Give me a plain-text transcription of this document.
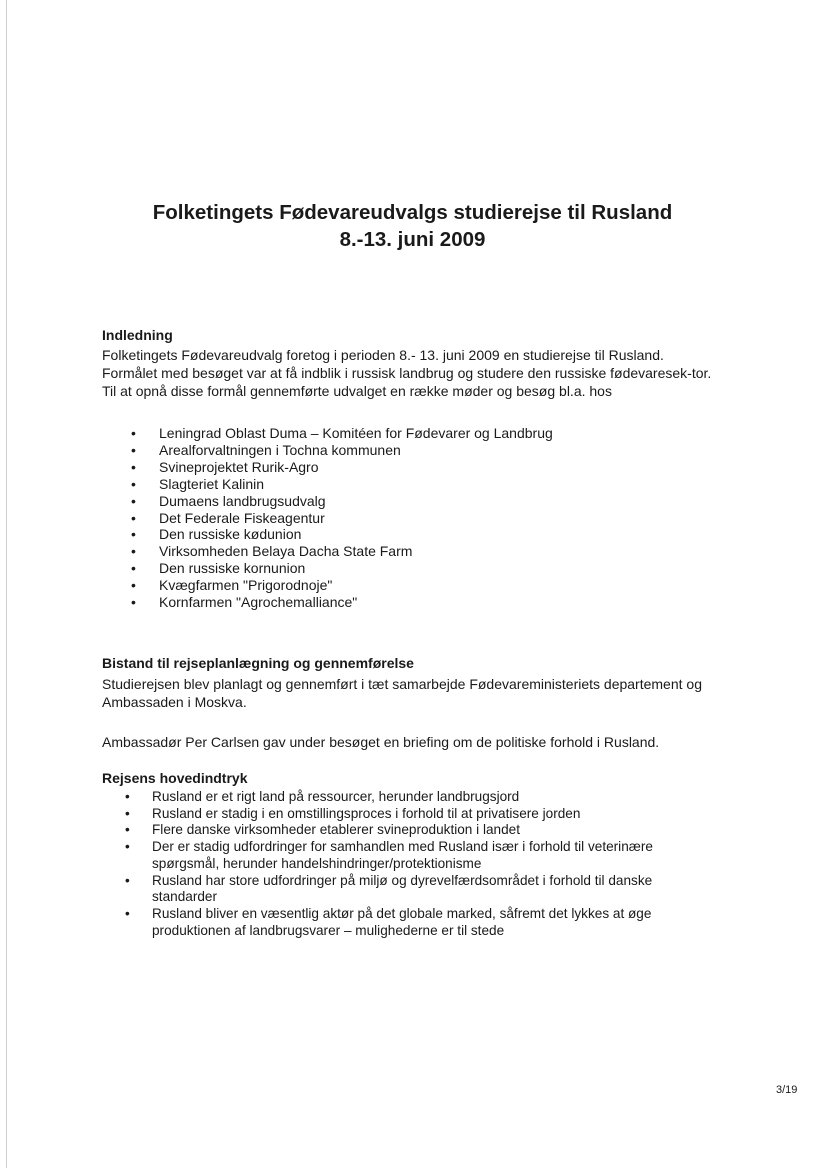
Folketingets Fødevareudvalgs studierejse til Rusland
8.-13. juni 2009
Indledning

Folketingets Fødevareudvalg foretog i perioden 8.- 13. juni 2009 en studierejse til Rusland. Formålet med besøget var at få indblik i russisk landbrug og studere den russiske fødevaresek-tor. Til at opnå disse formål gennemførte udvalget en række møder og besøg bl.a. hos

• Leningrad Oblast Duma – Komitéen for Fødevarer og Landbrug
• Arealforvaltningen i Tochna kommunen
• Svineprojektet Rurik-Agro
• Slagteriet Kalinin
• Dumaens landbrugsudvalg
• Det Federale Fiskeagentur
• Den russiske kødunion
• Virksomheden Belaya Dacha State Farm
• Den russiske kornunion
• Kvægfarmen "Prigorodnoje"
• Kornfarmen "Agrochemalliance"
Bistand til rejseplanlægning og gennemførelse

Studierejsen blev planlagt og gennemført i tæt samarbejde Fødevareministeriets departement og Ambassaden i Moskva.

Ambassadør Per Carlsen gav under besøget en briefing om de politiske forhold i Rusland.

Rejsens hovedindtryk
• Rusland er et rigt land på ressourcer, herunder landbrugsjord
• Rusland er stadig i en omstillingsproces i forhold til at privatisere jorden
• Flere danske virksomheder etablerer svineproduktion i landet
• Der er stadig udfordringer for samhandlen med Rusland især i forhold til veterinære spørgsmål, herunder handelshindringer/protektionisme
• Rusland har store udfordringer på miljø og dyrevelfærdsområdet i forhold til danske standarder
• Rusland bliver en væsentlig aktør på det globale marked, såfremt det lykkes at øge produktionen af landbrugsvarer – mulighederne er til stede

3/19
